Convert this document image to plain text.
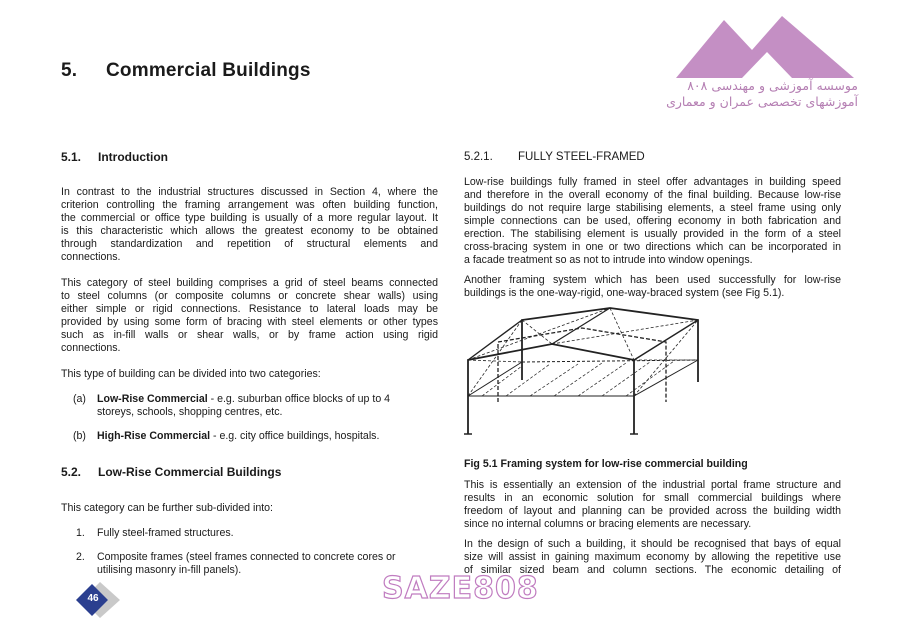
5. Commercial Buildings
موسسه آموزشی و مهندسی ۸۰۸
آموزشهای تخصصی عمران و معماری
5.1. Introduction
In contrast to the industrial structures discussed in Section 4, where the
criterion controlling the framing arrangement was often building function,
the commercial or office type building is usually of a more regular layout. It
is this characteristic which allows the greatest economy to be obtained
through standardization and repetition of structural elements and
connections.
This category of steel building comprises a grid of steel beams connected
to steel columns (or composite columns or concrete shear walls) using
either simple or rigid connections. Resistance to lateral loads may be
provided by using some form of bracing with steel elements or other types
such as in-fill walls or shear walls, or by frame action using rigid
connections.
This type of building can be divided into two categories:
(a) Low-Rise Commercial - e.g. suburban office blocks of up to 4
storeys, schools, shopping centres, etc.
(b) High-Rise Commercial - e.g. city office buildings, hospitals.
5.2. Low-Rise Commercial Buildings
This category can be further sub-divided into:
1. Fully steel-framed structures.
2. Composite frames (steel frames connected to concrete cores or
utilising masonry in-fill panels).
5.2.1. FULLY STEEL-FRAMED
Low-rise buildings fully framed in steel offer advantages in building speed
and therefore in the overall economy of the final building. Because low-rise
buildings do not require large stabilising elements, a steel frame using only
simple connections can be used, offering economy in both fabrication and
erection. The stabilising element is usually provided in the form of a steel
cross-bracing system in one or two directions which can be incorporated in
a facade treatment so as not to intrude into window openings.
Another framing system which has been used successfully for low-rise
buildings is the one-way-rigid, one-way-braced system (see Fig 5.1).
Fig 5.1 Framing system for low-rise commercial building
This is essentially an extension of the industrial portal frame structure and
results in an economic solution for small commercial buildings where
freedom of layout and planning can be provided across the building width
since no internal columns or bracing elements are necessary.
In the design of such a building, it should be recognised that bays of equal
size will assist in gaining maximum economy by allowing the repetitive use
of similar sized beam and column sections. The economic detailing of
SAZE808
46
